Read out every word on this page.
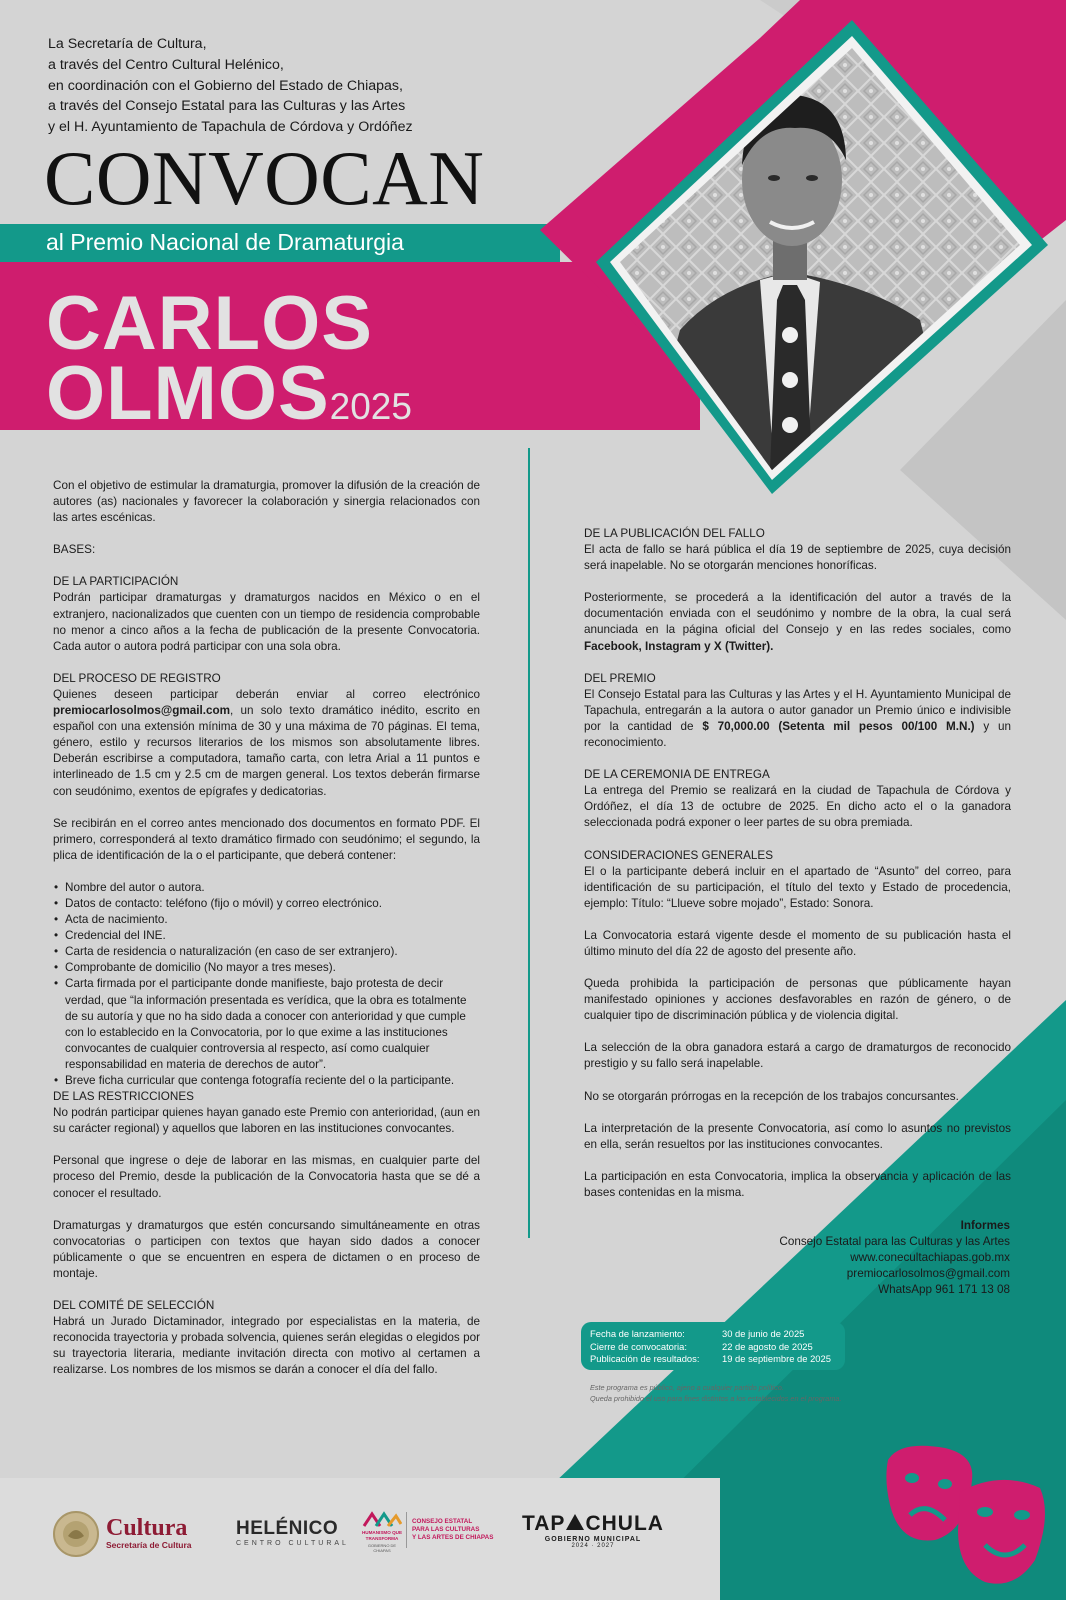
La Secretaría de Cultura,
a través del Centro Cultural Helénico,
en coordinación con el Gobierno del Estado de Chiapas,
a través del Consejo Estatal para las Culturas y las Artes
y el H. Ayuntamiento de Tapachula de Córdova y Ordóñez
CONVOCAN
al Premio Nacional de Dramaturgia
CARLOS
OLMOS2025

Con el objetivo de estimular la dramaturgia, promover la difusión de la creación de autores (as) nacionales y favorecer la colaboración y sinergia relacionados con las artes escénicas.

BASES:

DE LA PARTICIPACIÓN

Podrán participar dramaturgas y dramaturgos nacidos en México o en el extranjero, nacionalizados que cuenten con un tiempo de residencia comprobable no menor a cinco años a la fecha de publicación de la presente Convocatoria. Cada autor o autora podrá participar con una sola obra.

DEL PROCESO DE REGISTRO

Quienes deseen participar deberán enviar al correo electrónico premiocarlosolmos@gmail.com, un solo texto dramático inédito, escrito en español con una extensión mínima de 30 y una máxima de 70 páginas. El tema, género, estilo y recursos literarios de los mismos son absolutamente libres. Deberán escribirse a computadora, tamaño carta, con letra Arial a 11 puntos e interlineado de 1.5 cm y 2.5 cm de margen general. Los textos deberán firmarse con seudónimo, exentos de epígrafes y dedicatorias.

Se recibirán en el correo antes mencionado dos documentos en formato PDF. El primero, corresponderá al texto dramático firmado con seudónimo; el segundo, la plica de identificación de la o el participante, que deberá contener:

• Nombre del autor o autora.
• Datos de contacto: teléfono (fijo o móvil) y correo electrónico.
• Acta de nacimiento.
• Credencial del INE.
• Carta de residencia o naturalización (en caso de ser extranjero).
• Comprobante de domicilio (No mayor a tres meses).
• Carta firmada por el participante donde manifieste, bajo protesta de decir verdad, que “la información presentada es verídica, que la obra es totalmente de su autoría y que no ha sido dada a conocer con anterioridad y que cumple con lo establecido en la Convocatoria, por lo que exime a las instituciones convocantes de cualquier controversia al respecto, así como cualquier responsabilidad en materia de derechos de autor”.
• Breve ficha curricular que contenga fotografía reciente del o la participante.
DE LAS RESTRICCIONES

No podrán participar quienes hayan ganado este Premio con anterioridad, (aun en su carácter regional) y aquellos que laboren en las instituciones convocantes.

Personal que ingrese o deje de laborar en las mismas, en cualquier parte del proceso del Premio, desde la publicación de la Convocatoria hasta que se dé a conocer el resultado.

Dramaturgas y dramaturgos que estén concursando simultáneamente en otras convocatorias o participen con textos que hayan sido dados a conocer públicamente o que se encuentren en espera de dictamen o en proceso de montaje.

DEL COMITÉ DE SELECCIÓN

Habrá un Jurado Dictaminador, integrado por especialistas en la materia, de reconocida trayectoria y probada solvencia, quienes serán elegidas o elegidos por su trayectoria literaria, mediante invitación directa con motivo al certamen a realizarse. Los nombres de los mismos se darán a conocer el día del fallo.

DE LA PUBLICACIÓN DEL FALLO

El acta de fallo se hará pública el día 19 de septiembre de 2025, cuya decisión será inapelable. No se otorgarán menciones honoríficas.

Posteriormente, se procederá a la identificación del autor a través de la documentación enviada con el seudónimo y nombre de la obra, la cual será anunciada en la página oficial del Consejo y en las redes sociales, como Facebook, Instagram y X (Twitter).

DEL PREMIO

El Consejo Estatal para las Culturas y las Artes y el H. Ayuntamiento Municipal de Tapachula, entregarán a la autora o autor ganador un Premio único e indivisible por la cantidad de $ 70,000.00 (Setenta mil pesos 00/100 M.N.) y un reconocimiento.

DE LA CEREMONIA DE ENTREGA

La entrega del Premio se realizará en la ciudad de Tapachula de Córdova y Ordóñez, el día 13 de octubre de 2025. En dicho acto el o la ganadora seleccionada podrá exponer o leer partes de su obra premiada.

CONSIDERACIONES GENERALES

El o la participante deberá incluir en el apartado de “Asunto” del correo, para identificación de su participación, el título del texto y Estado de procedencia, ejemplo: Título: “Llueve sobre mojado”, Estado: Sonora.

La Convocatoria estará vigente desde el momento de su publicación hasta el último minuto del día 22 de agosto del presente año.

Queda prohibida la participación de personas que públicamente hayan manifestado opiniones y acciones desfavorables en razón de género, o de cualquier tipo de discriminación pública y de violencia digital.

La selección de la obra ganadora estará a cargo de dramaturgos de reconocido prestigio y su fallo será inapelable.

No se otorgarán prórrogas en la recepción de los trabajos concursantes.

La interpretación de la presente Convocatoria, así como lo asuntos no previstos en ella, serán resueltos por las instituciones convocantes.

La participación en esta Convocatoria, implica la observancia y aplicación de las bases contenidas en la misma.

Informes
Consejo Estatal para las Culturas y las Artes
www.conecultachiapas.gob.mx
premiocarlosolmos@gmail.com
WhatsApp 961 171 13 08
Fecha de lanzamiento:	30 de junio de 2025
Cierre de convocatoria:	22 de agosto de 2025
Publicación de resultados:	19 de septiembre de 2025
Este programa es público, ajeno a cualquier partido político.
Queda prohibido el uso para fines distintos a los establecidos en el programa.
Cultura
Secretaría de Cultura
HELÉNICO
CENTRO CULTURAL
HUMANISMO QUE TRANSFORMA
GOBIERNO DE CHIAPAS
CONSEJO ESTATAL
PARA LAS CULTURAS
Y LAS ARTES DE CHIAPAS
TAP CHULA
GOBIERNO MUNICIPAL
2024 · 2027
